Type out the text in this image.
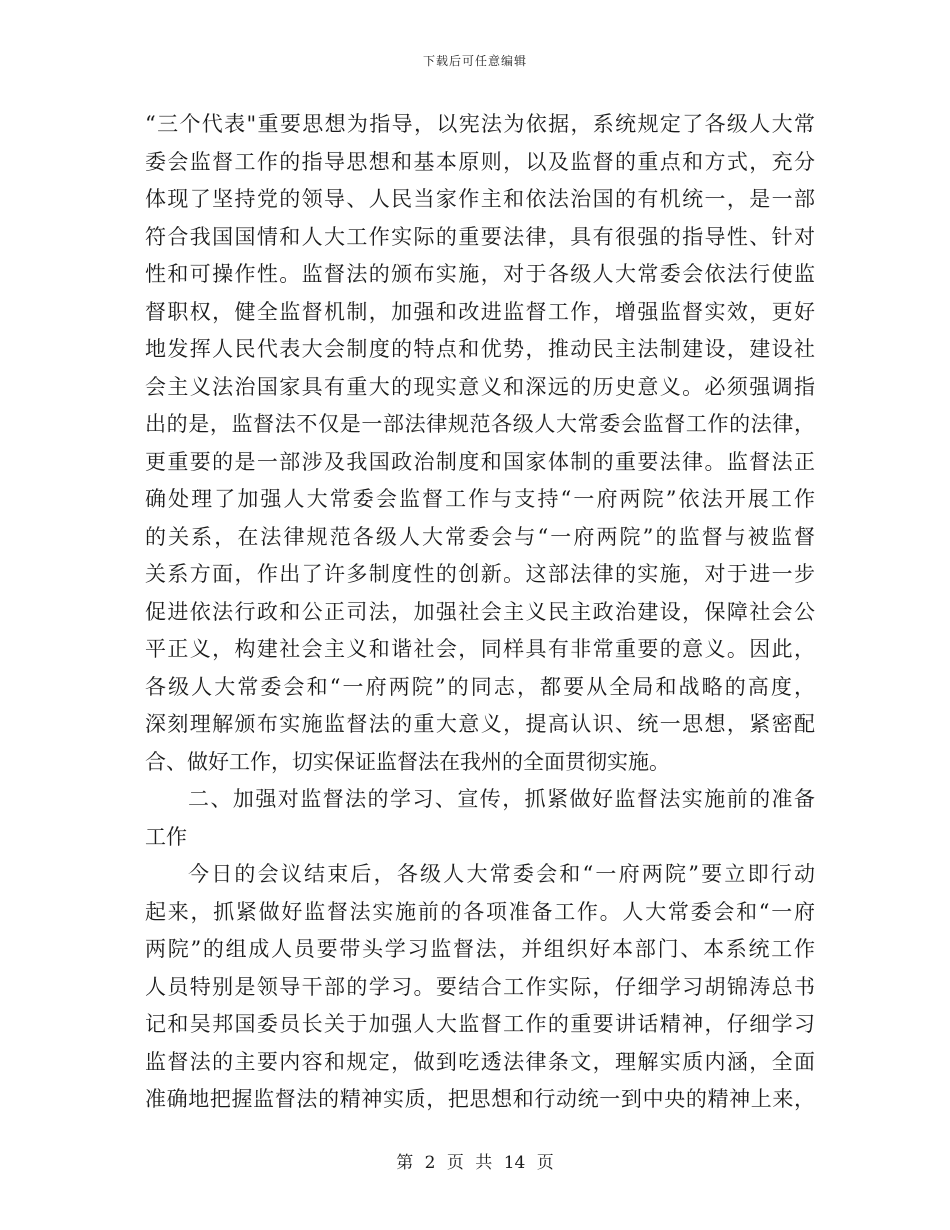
下载后可任意编辑
“三个代表"重要思想为指导，以宪法为依据，系统规定了各级人大常
委会监督工作的指导思想和基本原则，以及监督的重点和方式，充分
体现了坚持党的领导、人民当家作主和依法治国的有机统一，是一部
符合我国国情和人大工作实际的重要法律，具有很强的指导性、针对
性和可操作性。监督法的颁布实施，对于各级人大常委会依法行使监
督职权，健全监督机制，加强和改进监督工作，增强监督实效，更好
地发挥人民代表大会制度的特点和优势，推动民主法制建设，建设社
会主义法治国家具有重大的现实意义和深远的历史意义。必须强调指
出的是，监督法不仅是一部法律规范各级人大常委会监督工作的法律，
更重要的是一部涉及我国政治制度和国家体制的重要法律。监督法正
确处理了加强人大常委会监督工作与支持“一府两院”依法开展工作
的关系，在法律规范各级人大常委会与“一府两院”的监督与被监督
关系方面，作出了许多制度性的创新。这部法律的实施，对于进一步
促进依法行政和公正司法，加强社会主义民主政治建设，保障社会公
平正义，构建社会主义和谐社会，同样具有非常重要的意义。因此，
各级人大常委会和“一府两院”的同志，都要从全局和战略的高度，
深刻理解颁布实施监督法的重大意义，提高认识、统一思想，紧密配
合、做好工作，切实保证监督法在我州的全面贯彻实施。
二、加强对监督法的学习、宣传，抓紧做好监督法实施前的准备
工作
今日的会议结束后，各级人大常委会和“一府两院”要立即行动
起来，抓紧做好监督法实施前的各项准备工作。人大常委会和“一府
两院”的组成人员要带头学习监督法，并组织好本部门、本系统工作
人员特别是领导干部的学习。要结合工作实际，仔细学习胡锦涛总书
记和吴邦国委员长关于加强人大监督工作的重要讲话精神，仔细学习
监督法的主要内容和规定，做到吃透法律条文，理解实质内涵，全面
准确地把握监督法的精神实质，把思想和行动统一到中央的精神上来，
第 2 页 共 14 页
